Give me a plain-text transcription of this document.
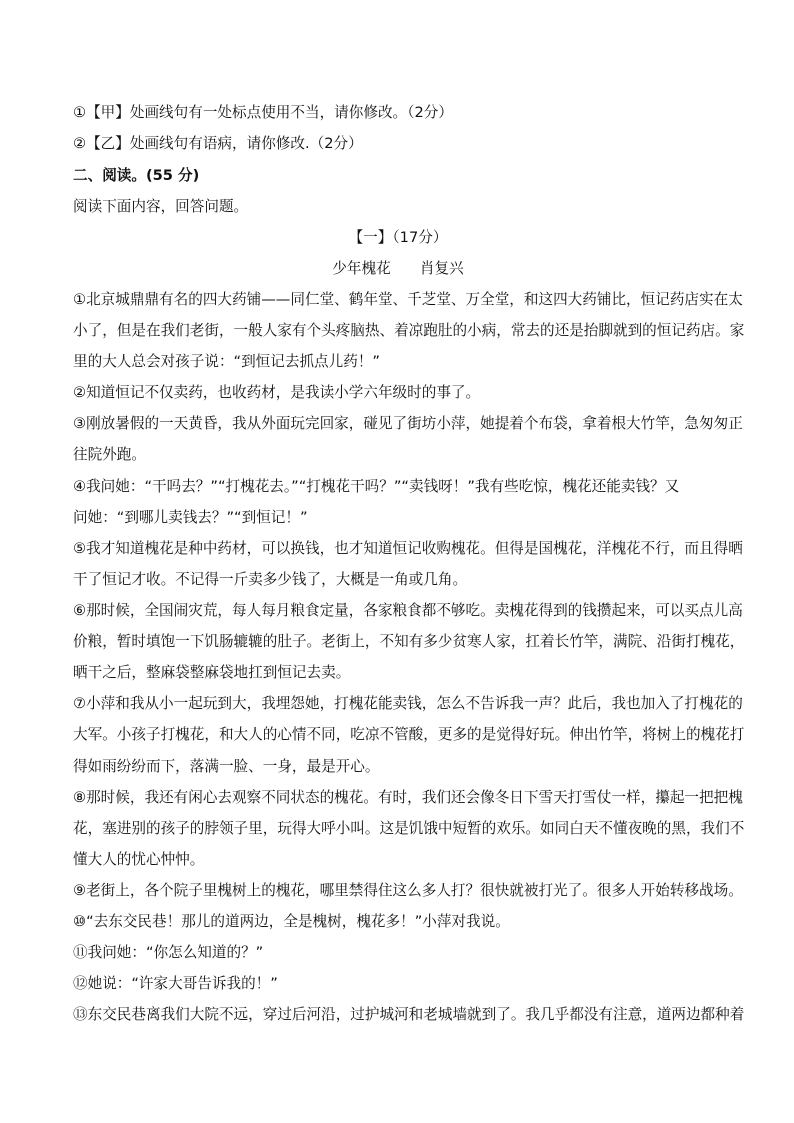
①【甲】处画线句有一处标点使用不当，请你修改。（2分）
②【乙】处画线句有语病，请你修改.（2分）
二、阅读。(55 分)
阅读下面内容，回答问题。
【一】（17分）
少年槐花　　肖复兴
①北京城鼎鼎有名的四大药铺——同仁堂、鹤年堂、千芝堂、万全堂，和这四大药铺比，恒记药店实在太
小了，但是在我们老街，一般人家有个头疼脑热、着凉跑肚的小病，常去的还是抬脚就到的恒记药店。家
里的大人总会对孩子说：“到恒记去抓点儿药！”
②知道恒记不仅卖药，也收药材，是我读小学六年级时的事了。
③刚放暑假的一天黄昏，我从外面玩完回家，碰见了街坊小萍，她提着个布袋，拿着根大竹竿，急匆匆正
往院外跑。
④我问她：“干吗去？”“打槐花去。”“打槐花干吗？”“卖钱呀！”我有些吃惊，槐花还能卖钱？又
问她：“到哪儿卖钱去？”“到恒记！”
⑤我才知道槐花是种中药材，可以换钱，也才知道恒记收购槐花。但得是国槐花，洋槐花不行，而且得晒
干了恒记才收。不记得一斤卖多少钱了，大概是一角或几角。
⑥那时候，全国闹灾荒，每人每月粮食定量，各家粮食都不够吃。卖槐花得到的钱攒起来，可以买点儿高
价粮，暂时填饱一下饥肠辘辘的肚子。老街上，不知有多少贫寒人家，扛着长竹竿，满院、沿街打槐花，
晒干之后，整麻袋整麻袋地扛到恒记去卖。
⑦小萍和我从小一起玩到大，我埋怨她，打槐花能卖钱，怎么不告诉我一声？此后，我也加入了打槐花的
大军。小孩子打槐花，和大人的心情不同，吃凉不管酸，更多的是觉得好玩。伸出竹竿，将树上的槐花打
得如雨纷纷而下，落满一脸、一身，最是开心。
⑧那时候，我还有闲心去观察不同状态的槐花。有时，我们还会像冬日下雪天打雪仗一样，攥起一把把槐
花，塞进别的孩子的脖领子里，玩得大呼小叫。这是饥饿中短暂的欢乐。如同白天不懂夜晚的黑，我们不
懂大人的忧心忡忡。
⑨老街上，各个院子里槐树上的槐花，哪里禁得住这么多人打？很快就被打光了。很多人开始转移战场。
⑩“去东交民巷！那儿的道两边，全是槐树，槐花多！”小萍对我说。
⑪我问她：“你怎么知道的？”
⑫她说：“许家大哥告诉我的！”
⑬东交民巷离我们大院不远，穿过后河沿，过护城河和老城墙就到了。我几乎都没有注意，道两边都种着
